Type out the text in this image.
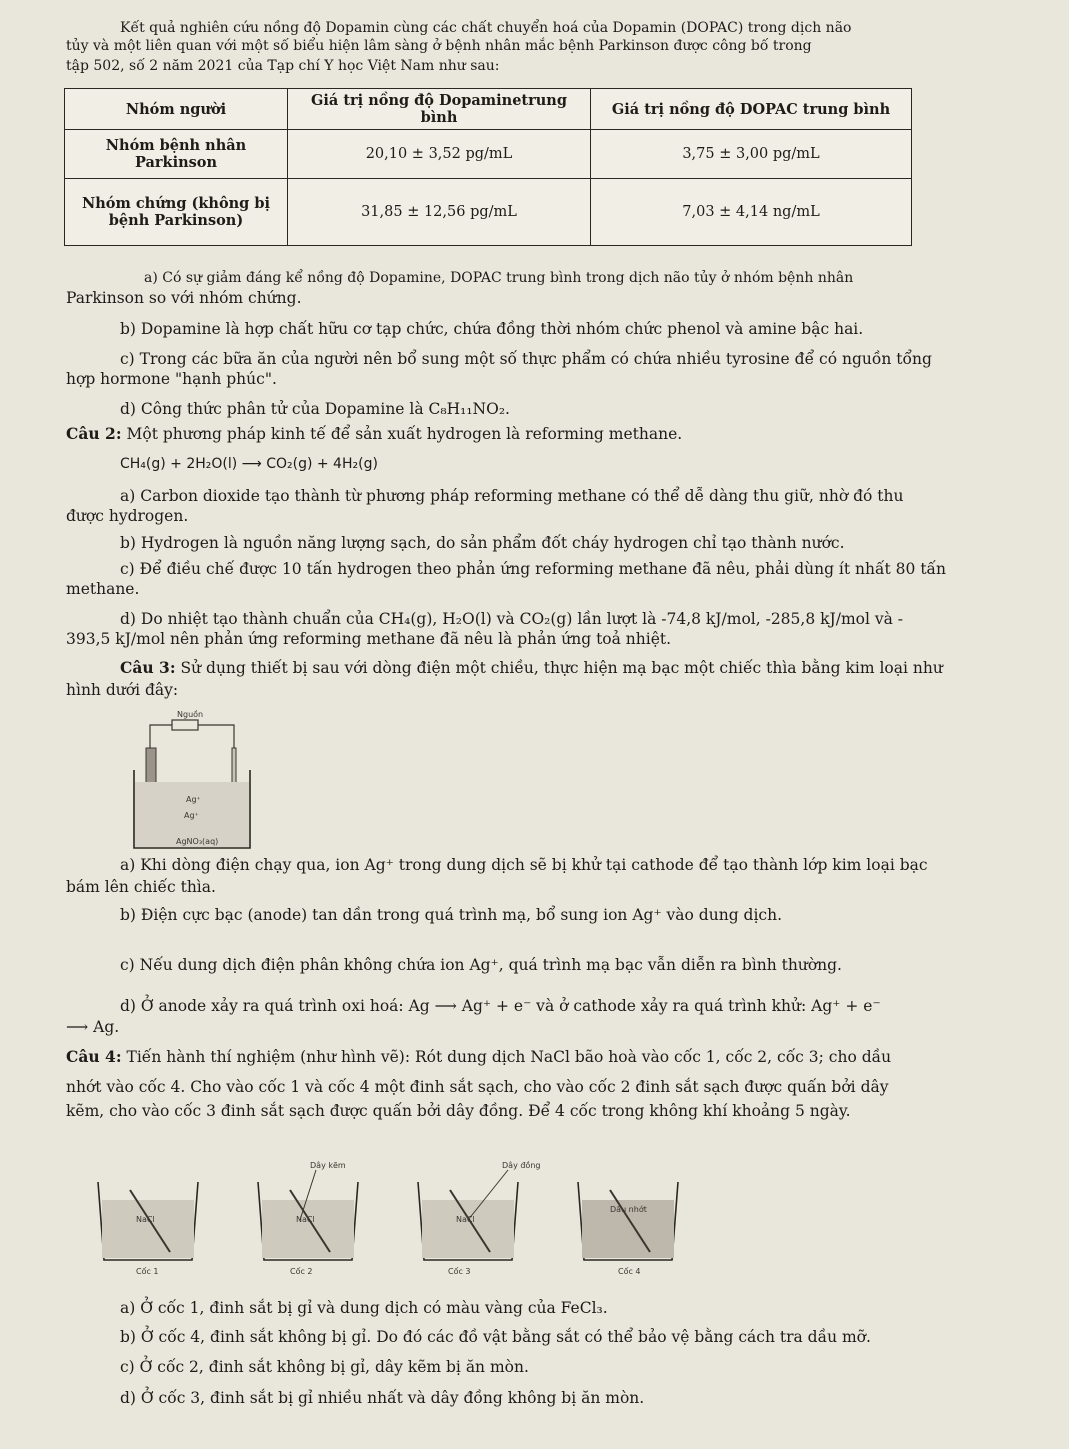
Kết quả nghiên cứu nồng độ Dopamin cùng các chất chuyển hoá của Dopamin (DOPAC) trong dịch não
tủy và một liên quan với một số biểu hiện lâm sàng ở bệnh nhân mắc bệnh Parkinson được công bố trong
tập 502, số 2 năm 2021 của Tạp chí Y học Việt Nam như sau:
Nhóm người	Giá trị nồng độ Dopaminetrung bình	Giá trị nồng độ DOPAC trung bình
Nhóm bệnh nhân Parkinson	20,10 ± 3,52 pg/mL	3,75 ± 3,00 pg/mL
Nhóm chứng (không bị bệnh Parkinson)	31,85 ± 12,56 pg/mL	7,03 ± 4,14 ng/mL
a) Có sự giảm đáng kể nồng độ Dopamine, DOPAC trung bình trong dịch não tủy ở nhóm bệnh nhân
Parkinson so với nhóm chứng.
b) Dopamine là hợp chất hữu cơ tạp chức, chứa đồng thời nhóm chức phenol và amine bậc hai.
c) Trong các bữa ăn của người nên bổ sung một số thực phẩm có chứa nhiều tyrosine để có nguồn tổng
hợp hormone "hạnh phúc".
d) Công thức phân tử của Dopamine là C₈H₁₁NO₂.
Câu 2: Một phương pháp kinh tế để sản xuất hydrogen là reforming methane.
CH₄(g) + 2H₂O(l) ⟶ CO₂(g) + 4H₂(g)
a) Carbon dioxide tạo thành từ phương pháp reforming methane có thể dễ dàng thu giữ, nhờ đó thu
được hydrogen.
b) Hydrogen là nguồn năng lượng sạch, do sản phẩm đốt cháy hydrogen chỉ tạo thành nước.
c) Để điều chế được 10 tấn hydrogen theo phản ứng reforming methane đã nêu, phải dùng ít nhất 80 tấn
methane.
d) Do nhiệt tạo thành chuẩn của CH₄(g), H₂O(l) và CO₂(g) lần lượt là -74,8 kJ/mol, -285,8 kJ/mol và -
393,5 kJ/mol nên phản ứng reforming methane đã nêu là phản ứng toả nhiệt.
Câu 3: Sử dụng thiết bị sau với dòng điện một chiều, thực hiện mạ bạc một chiếc thìa bằng kim loại như
hình dưới đây:
Nguồn
Ag⁺
Ag⁺
AgNO₃(aq)
a) Khi dòng điện chạy qua, ion Ag⁺ trong dung dịch sẽ bị khử tại cathode để tạo thành lớp kim loại bạc
bám lên chiếc thìa.
b) Điện cực bạc (anode) tan dần trong quá trình mạ, bổ sung ion Ag⁺ vào dung dịch.
c) Nếu dung dịch điện phân không chứa ion Ag⁺, quá trình mạ bạc vẫn diễn ra bình thường.
d) Ở anode xảy ra quá trình oxi hoá: Ag ⟶ Ag⁺ + e⁻ và ở cathode xảy ra quá trình khử: Ag⁺ + e⁻
⟶ Ag.
Câu 4: Tiến hành thí nghiệm (như hình vẽ): Rót dung dịch NaCl bão hoà vào cốc 1, cốc 2, cốc 3; cho dầu
nhớt vào cốc 4. Cho vào cốc 1 và cốc 4 một đinh sắt sạch, cho vào cốc 2 đinh sắt sạch được quấn bởi dây
kẽm, cho vào cốc 3 đinh sắt sạch được quấn bởi dây đồng. Để 4 cốc trong không khí khoảng 5 ngày.
Dây kẽm	Dây đồng
NaCl
Cốc 1
NaCl
Cốc 2
NaCl
Cốc 3
Dầu nhớt
Cốc 4
a) Ở cốc 1, đinh sắt bị gỉ và dung dịch có màu vàng của FeCl₃.
b) Ở cốc 4, đinh sắt không bị gỉ. Do đó các đồ vật bằng sắt có thể bảo vệ bằng cách tra dầu mỡ.
c) Ở cốc 2, đinh sắt không bị gỉ, dây kẽm bị ăn mòn.
d) Ở cốc 3, đinh sắt bị gỉ nhiều nhất và dây đồng không bị ăn mòn.
